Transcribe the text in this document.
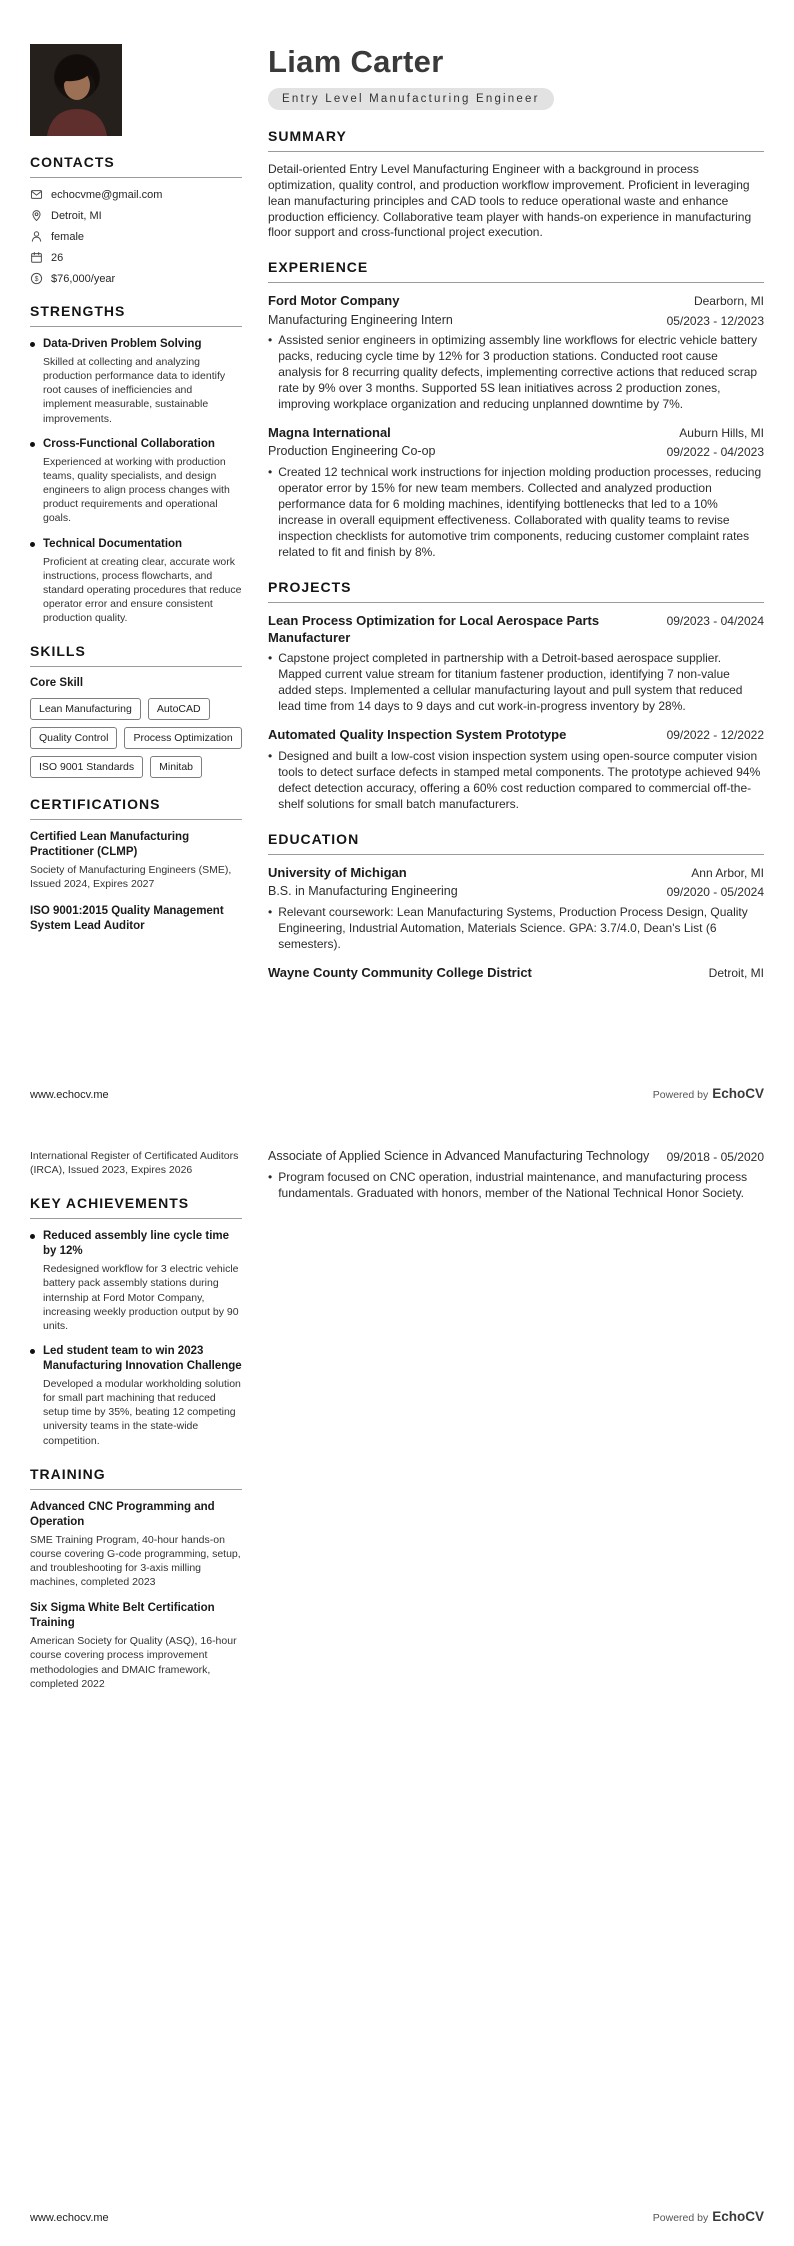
CONTACTS
echocvme@gmail.com
Detroit, MI
female
26
$ $76,000/year
STRENGTHS
Data-Driven Problem Solving
Skilled at collecting and analyzing production performance data to identify root causes of inefficiencies and implement measurable, sustainable improvements.
Cross-Functional Collaboration
Experienced at working with production teams, quality specialists, and design engineers to align process changes with product requirements and operational goals.
Technical Documentation
Proficient at creating clear, accurate work instructions, process flowcharts, and standard operating procedures that reduce operator error and ensure consistent production quality.
SKILLS
Core Skill
Lean Manufacturing	AutoCAD
Quality Control	Process Optimization
ISO 9001 Standards	Minitab
CERTIFICATIONS
Certified Lean Manufacturing Practitioner (CLMP)
Society of Manufacturing Engineers (SME), Issued 2024, Expires 2027
ISO 9001:2015 Quality Management System Lead Auditor
Liam Carter
Entry Level Manufacturing Engineer
SUMMARY

Detail-oriented Entry Level Manufacturing Engineer with a background in process optimization, quality control, and production workflow improvement. Proficient in leveraging lean manufacturing principles and CAD tools to reduce operational waste and enhance production efficiency. Collaborative team player with hands-on experience in manufacturing floor support and cross-functional project execution.

EXPERIENCE
Ford Motor Company	Dearborn, MI
Manufacturing Engineering Intern	05/2023 - 12/2023
• Assisted senior engineers in optimizing assembly line workflows for electric vehicle battery packs, reducing cycle time by 12% for 3 production stations. Conducted root cause analysis for 8 recurring quality defects, implementing corrective actions that reduced scrap rate by 9% over 3 months. Supported 5S lean initiatives across 2 production zones, improving workplace organization and reducing unplanned downtime by 7%.
Magna International	Auburn Hills, MI
Production Engineering Co-op	09/2022 - 04/2023
• Created 12 technical work instructions for injection molding production processes, reducing operator error by 15% for new team members. Collected and analyzed production performance data for 6 molding machines, identifying bottlenecks that led to a 10% increase in overall equipment effectiveness. Collaborated with quality teams to revise inspection checklists for automotive trim components, reducing customer complaint rates related to fit and finish by 8%.
PROJECTS
Lean Process Optimization for Local Aerospace Parts Manufacturer
09/2023 - 04/2024
• Capstone project completed in partnership with a Detroit-based aerospace supplier. Mapped current value stream for titanium fastener production, identifying 7 non-value added steps. Implemented a cellular manufacturing layout and pull system that reduced lead time from 14 days to 9 days and cut work-in-progress inventory by 28%.
Automated Quality Inspection System Prototype	09/2022 - 12/2022
• Designed and built a low-cost vision inspection system using open-source computer vision tools to detect surface defects in stamped metal components. The prototype achieved 94% defect detection accuracy, offering a 60% cost reduction compared to commercial off-the-shelf solutions for small batch manufacturers.
EDUCATION
University of Michigan	Ann Arbor, MI
B.S. in Manufacturing Engineering	09/2020 - 05/2024
• Relevant coursework: Lean Manufacturing Systems, Production Process Design, Quality Engineering, Industrial Automation, Materials Science. GPA: 3.7/4.0, Dean's List (6 semesters).
Wayne County Community College District	Detroit, MI
www.echocv.me	Powered by EchoCV
International Register of Certificated Auditors (IRCA), Issued 2023, Expires 2026
KEY ACHIEVEMENTS
Reduced assembly line cycle time by 12%
Redesigned workflow for 3 electric vehicle battery pack assembly stations during internship at Ford Motor Company, increasing weekly production output by 90 units.
Led student team to win 2023 Manufacturing Innovation Challenge
Developed a modular workholding solution for small part machining that reduced setup time by 35%, beating 12 competing university teams in the state-wide competition.
TRAINING
Advanced CNC Programming and Operation
SME Training Program, 40-hour hands-on course covering G-code programming, setup, and troubleshooting for 3-axis milling machines, completed 2023
Six Sigma White Belt Certification Training
American Society for Quality (ASQ), 16-hour course covering process improvement methodologies and DMAIC framework, completed 2022
Associate of Applied Science in Advanced Manufacturing Technology 09/2018 - 05/2020
• Program focused on CNC operation, industrial maintenance, and manufacturing process fundamentals. Graduated with honors, member of the National Technical Honor Society.
www.echocv.me	Powered by EchoCV
